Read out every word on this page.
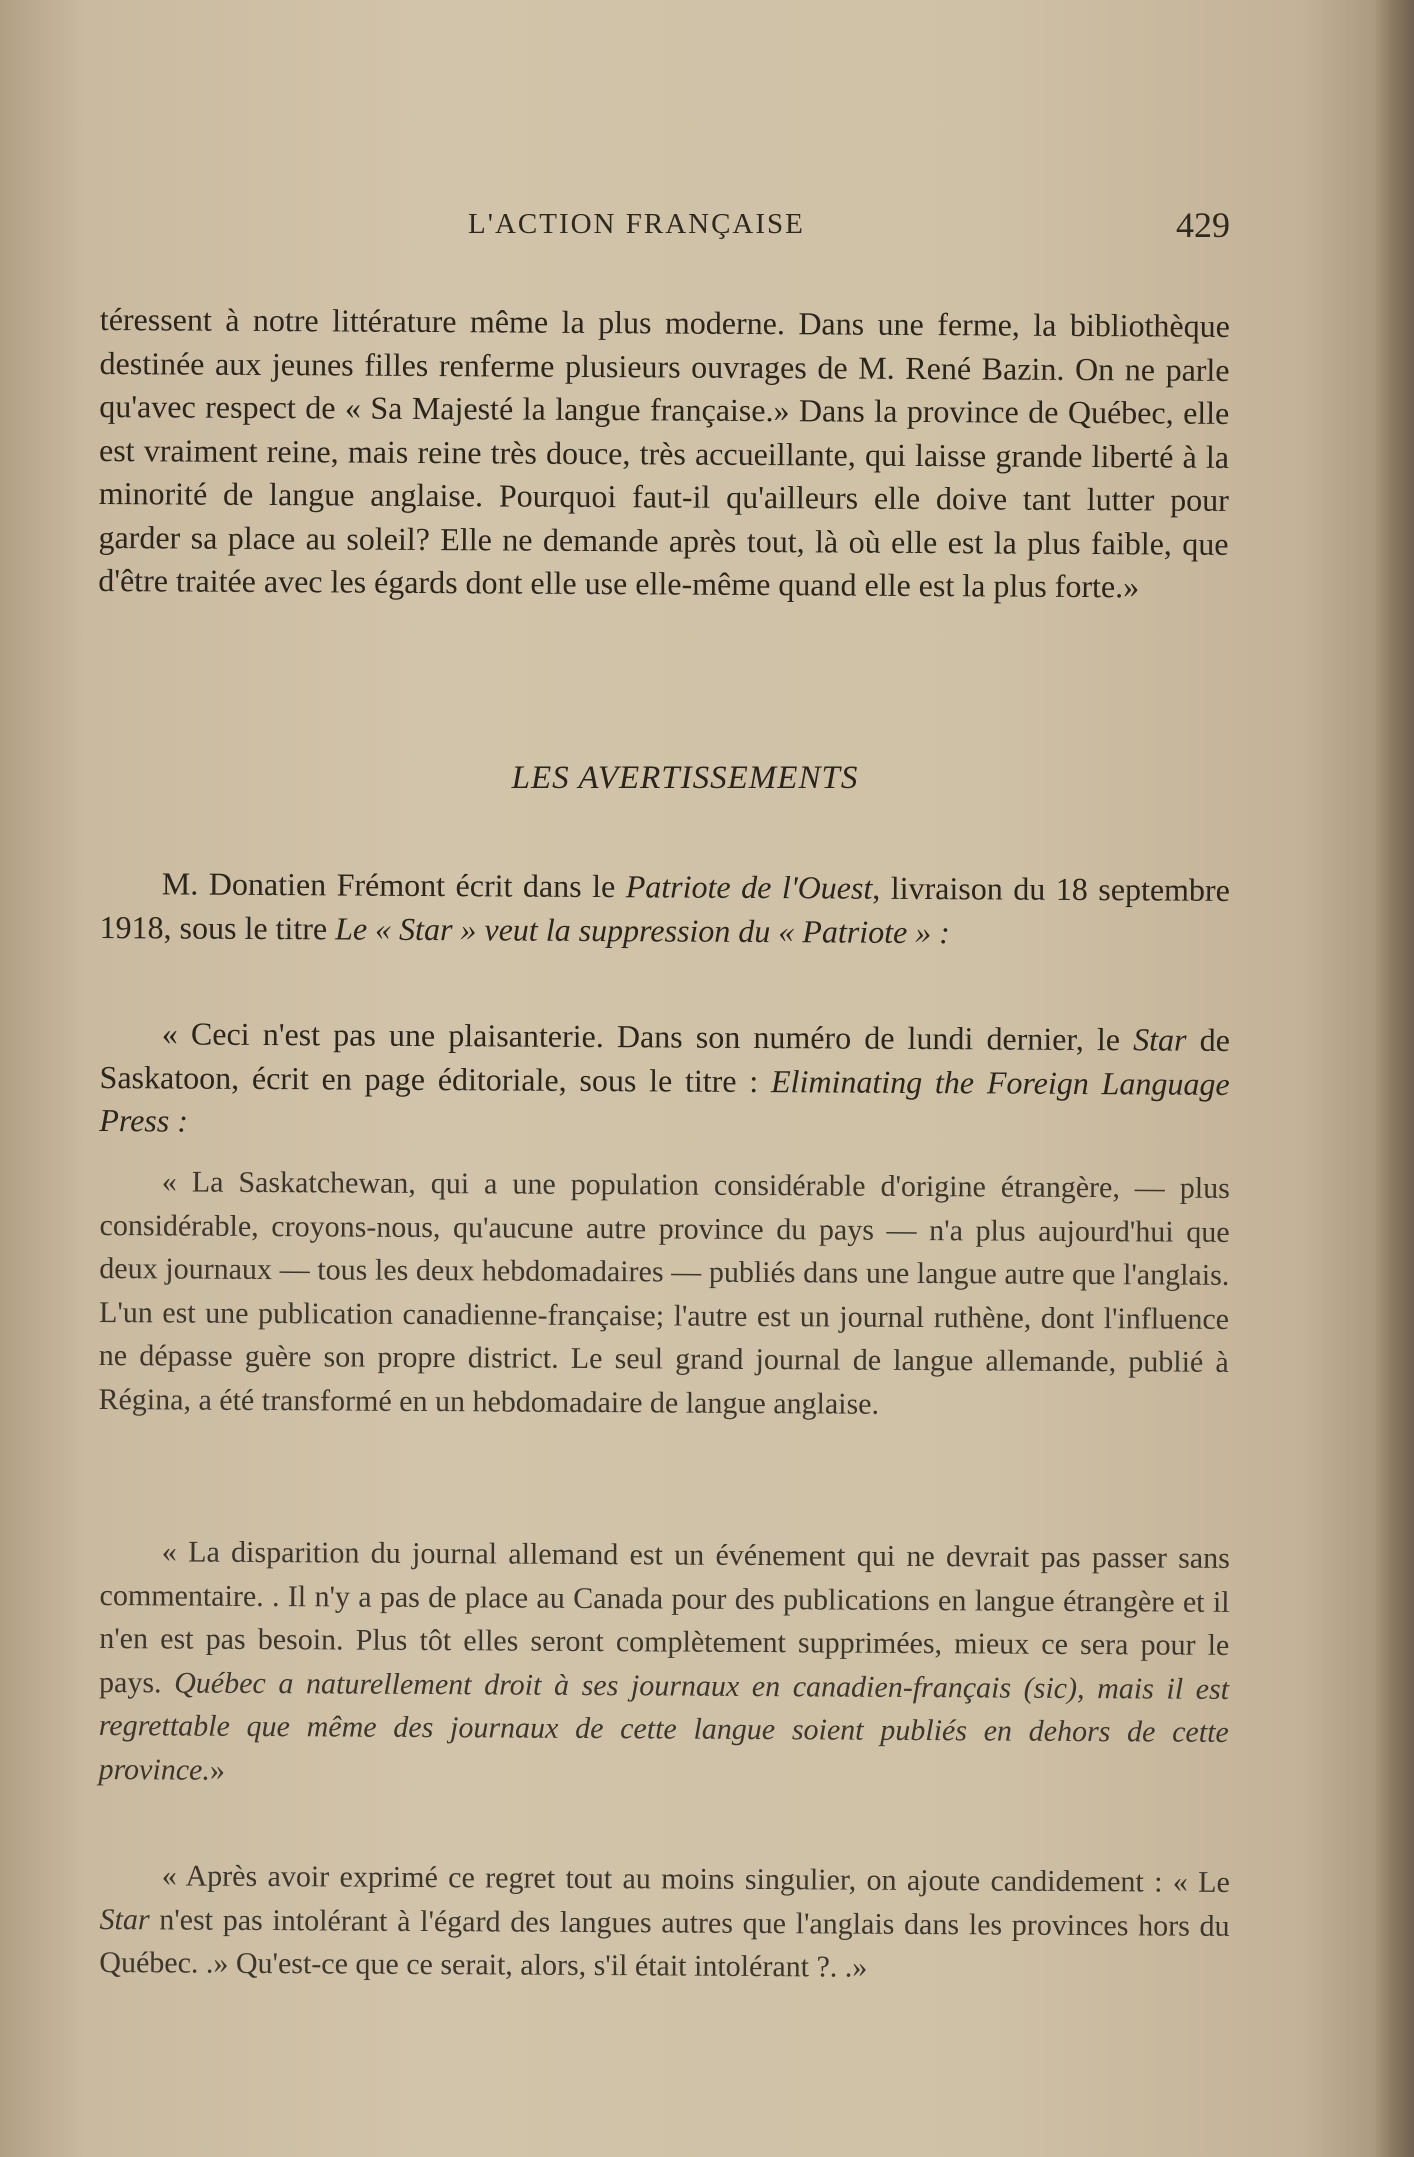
L'ACTION FRANÇAISE	429

téressent à notre littérature même la plus moderne. Dans une ferme, la bibliothèque destinée aux jeunes filles renferme plusieurs ouvrages de M. René Bazin. On ne parle qu'avec respect de « Sa Majesté la langue française.» Dans la province de Québec, elle est vraiment reine, mais reine très douce, très accueillante, qui laisse grande liberté à la minorité de langue anglaise. Pourquoi faut-il qu'ailleurs elle doive tant lutter pour garder sa place au soleil? Elle ne demande après tout, là où elle est la plus faible, que d'être traitée avec les égards dont elle use elle-même quand elle est la plus forte.»

LES AVERTISSEMENTS

M. Donatien Frémont écrit dans le Patriote de l'Ouest, livraison du 18 septembre 1918, sous le titre Le « Star » veut la suppression du « Patriote » :

« Ceci n'est pas une plaisanterie. Dans son numéro de lundi dernier, le Star de Saskatoon, écrit en page éditoriale, sous le titre : Eliminating the Foreign Language Press :

« La Saskatchewan, qui a une population considérable d'origine étrangère, — plus considérable, croyons-nous, qu'aucune autre province du pays — n'a plus aujourd'hui que deux journaux — tous les deux hebdomadaires — publiés dans une langue autre que l'anglais. L'un est une publication canadienne-française; l'autre est un journal ruthène, dont l'influence ne dépasse guère son propre district. Le seul grand journal de langue allemande, publié à Régina, a été transformé en un hebdomadaire de langue anglaise.

« La disparition du journal allemand est un événement qui ne devrait pas passer sans commentaire. . Il n'y a pas de place au Canada pour des publications en langue étrangère et il n'en est pas besoin. Plus tôt elles seront complètement supprimées, mieux ce sera pour le pays. Québec a naturellement droit à ses journaux en canadien-français (sic), mais il est regrettable que même des journaux de cette langue soient publiés en dehors de cette province.»

« Après avoir exprimé ce regret tout au moins singulier, on ajoute candidement : « Le Star n'est pas intolérant à l'égard des langues autres que l'anglais dans les provinces hors du Québec. .» Qu'est-ce que ce serait, alors, s'il était intolérant ?. .»
